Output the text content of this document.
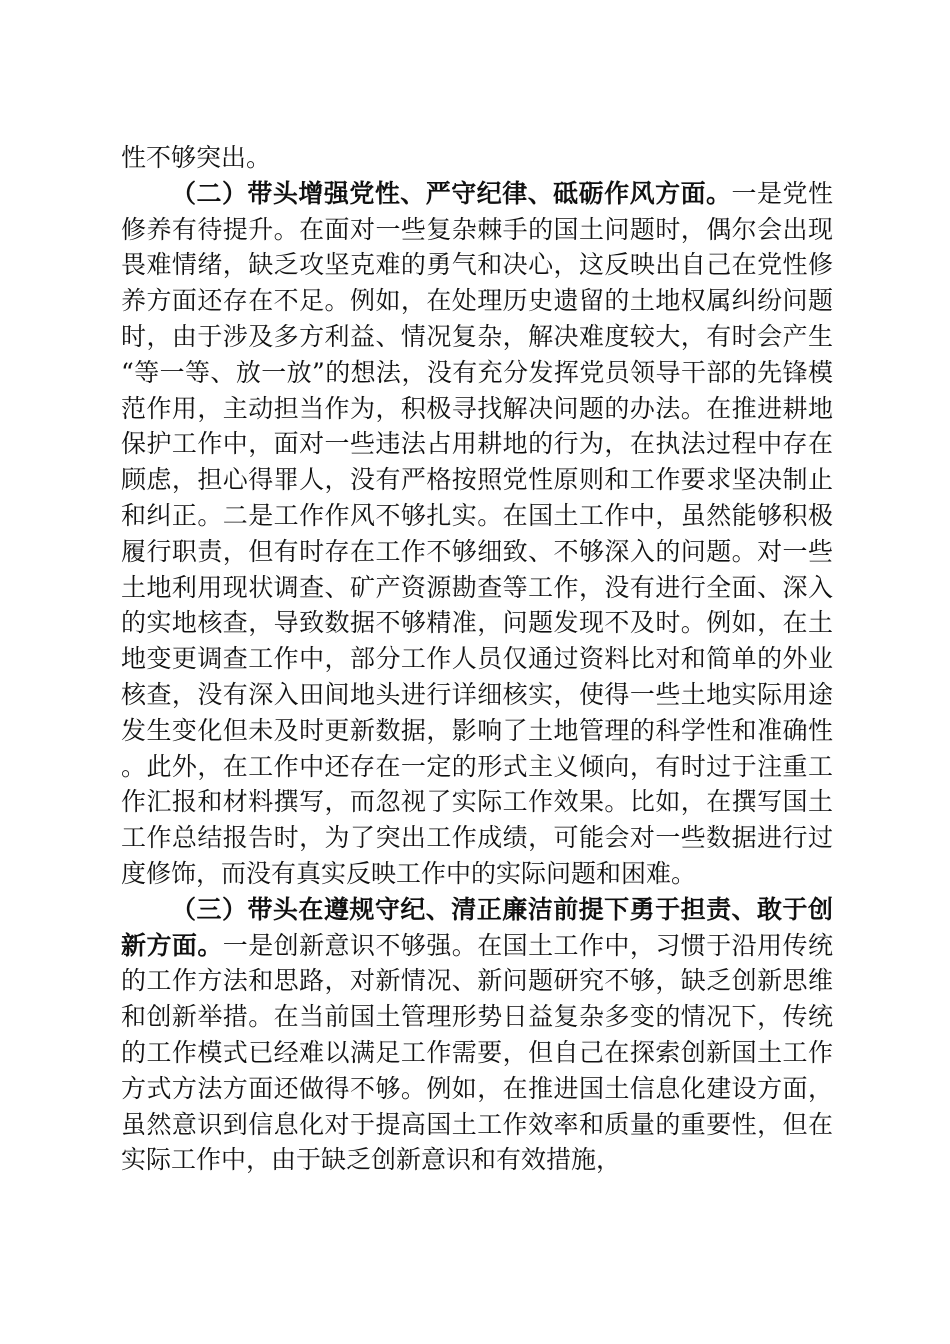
性不够突出。

（二）带头增强党性、严守纪律、砥砺作风方面。一是党性修养有待提升。在面对一些复杂棘手的国土问题时，偶尔会出现畏难情绪，缺乏攻坚克难的勇气和决心，这反映出自己在党性修养方面还存在不足。例如，在处理历史遗留的土地权属纠纷问题时，由于涉及多方利益、情况复杂，解决难度较大，有时会产生“等一等、放一放”的想法，没有充分发挥党员领导干部的先锋模范作用，主动担当作为，积极寻找解决问题的办法。在推进耕地保护工作中，面对一些违法占用耕地的行为，在执法过程中存在顾虑，担心得罪人，没有严格按照党性原则和工作要求坚决制止和纠正。二是工作作风不够扎实。在国土工作中，虽然能够积极履行职责，但有时存在工作不够细致、不够深入的问题。对一些土地利用现状调查、矿产资源勘查等工作，没有进行全面、深入的实地核查，导致数据不够精准，问题发现不及时。例如，在土地变更调查工作中，部分工作人员仅通过资料比对和简单的外业核查，没有深入田间地头进行详细核实，使得一些土地实际用途发生变化但未及时更新数据，影响了土地管理的科学性和准确性。此外，在工作中还存在一定的形式主义倾向，有时过于注重工作汇报和材料撰写，而忽视了实际工作效果。比如，在撰写国土工作总结报告时，为了突出工作成绩，可能会对一些数据进行过度修饰，而没有真实反映工作中的实际问题和困难。

（三）带头在遵规守纪、清正廉洁前提下勇于担责、敢于创新方面。一是创新意识不够强。在国土工作中，习惯于沿用传统的工作方法和思路，对新情况、新问题研究不够，缺乏创新思维和创新举措。在当前国土管理形势日益复杂多变的情况下，传统的工作模式已经难以满足工作需要，但自己在探索创新国土工作方式方法方面还做得不够。例如，在推进国土信息化建设方面，虽然意识到信息化对于提高国土工作效率和质量的重要性，但在实际工作中，由于缺乏创新意识和有效措施，
